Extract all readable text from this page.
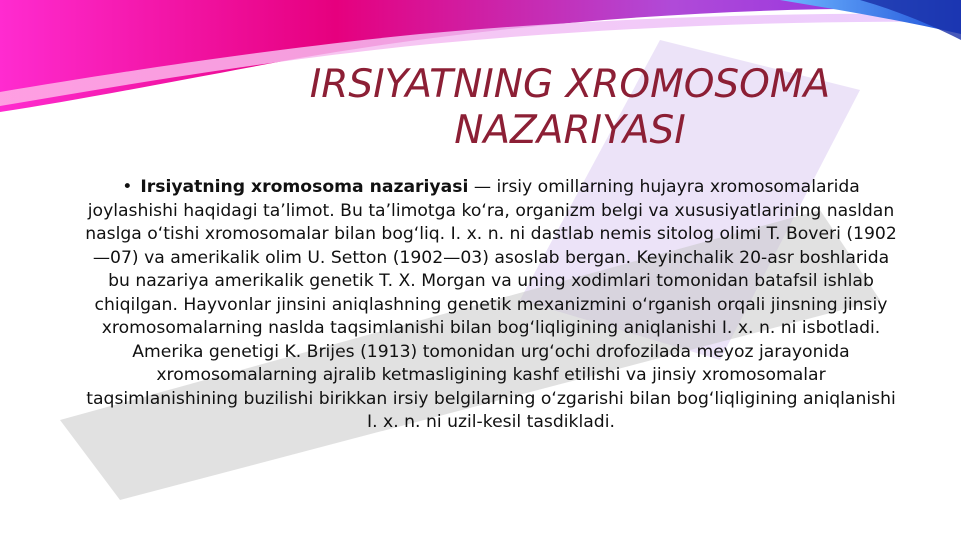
IRSIYATNING XROMOSOMA
NAZARIYASI

• Irsiyatning xromosoma nazariyasi — irsiy omillarning hujayra xromosomalarida joylashishi haqidagi ta’limot. Bu ta’limotga ko‘ra, organizm belgi va xususiyatlarining nasldan naslga o‘tishi xromosomalar bilan bog‘liq. I. x. n. ni dastlab nemis sitolog olimi T. Boveri (1902—07) va amerikalik olim U. Setton (1902—03) asoslab bergan. Keyinchalik 20-asr boshlarida bu nazariya amerikalik genetik T. X. Morgan va uning xodimlari tomonidan batafsil ishlab chiqilgan. Hayvonlar jinsini aniqlashning genetik mexanizmini o‘rganish orqali jinsning jinsiy xromosomalarning naslda taqsimlanishi bilan bog‘liqligining aniqlanishi I. x. n. ni isbotladi. Amerika genetigi K. Brijes (1913) tomonidan urg‘ochi drofozilada meyoz jarayonida xromosomalarning ajralib ketmasligining kashf etilishi va jinsiy xromosomalar taqsimlanishining buzilishi birikkan irsiy belgilarning o‘zgarishi bilan bog‘liqligining aniqlanishi I. x. n. ni uzil-kesil tasdikladi.
